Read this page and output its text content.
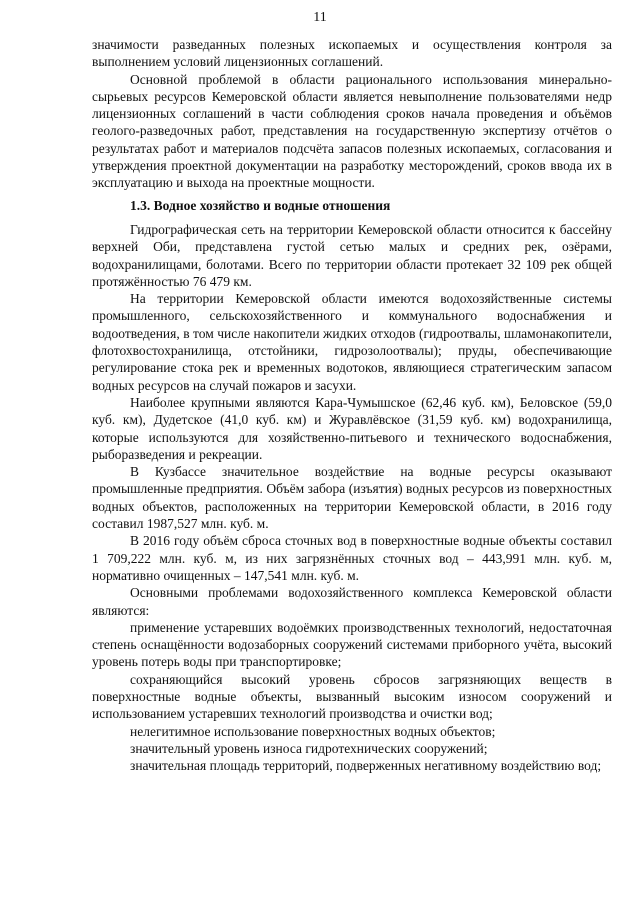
11

значимости разведанных полезных ископаемых и осуществления контроля за выполнением условий лицензионных соглашений.

Основной проблемой в области рационального использования минерально-сырьевых ресурсов Кемеровской области является невыполнение пользователями недр лицензионных соглашений в части соблюдения сроков начала проведения и объёмов геолого-разведочных работ, представления на государственную экспертизу отчётов о результатах работ и материалов подсчёта запасов полезных ископаемых, согласования и утверждения проектной документации на разработку месторождений, сроков ввода их в эксплуатацию и выхода на проектные мощности.

1.3. Водное хозяйство и водные отношения

Гидрографическая сеть на территории Кемеровской области относится к бассейну верхней Оби, представлена густой сетью малых и средних рек, озёрами, водохранилищами, болотами. Всего по территории области протекает 32 109 рек общей протяжённостью 76 479 км.

На территории Кемеровской области имеются водохозяйственные системы промышленного, сельскохозяйственного и коммунального водоснабжения и водоотведения, в том числе накопители жидких отходов (гидроотвалы, шламонакопители, флотохвостохранилища, отстойники, гидрозолоотвалы); пруды, обеспечивающие регулирование стока рек и временных водотоков, являющиеся стратегическим запасом водных ресурсов на случай пожаров и засухи.

Наиболее крупными являются Кара-Чумышское (62,46 куб. км), Беловское (59,0 куб. км), Дудетское (41,0 куб. км) и Журавлёвское (31,59 куб. км) водохранилища, которые используются для хозяйственно-питьевого и технического водоснабжения, рыборазведения и рекреации.

В Кузбассе значительное воздействие на водные ресурсы оказывают промышленные предприятия. Объём забора (изъятия) водных ресурсов из поверхностных водных объектов, расположенных на территории Кемеровской области, в 2016 году составил 1987,527 млн. куб. м.

В 2016 году объём сброса сточных вод в поверхностные водные объекты составил 1 709,222 млн. куб. м, из них загрязнённых сточных вод – 443,991 млн. куб. м, нормативно очищенных – 147,541 млн. куб. м.

Основными проблемами водохозяйственного комплекса Кемеровской области являются:

применение устаревших водоёмких производственных технологий, недостаточная степень оснащённости водозаборных сооружений системами приборного учёта, высокий уровень потерь воды при транспортировке;

сохраняющийся высокий уровень сбросов загрязняющих веществ в поверхностные водные объекты, вызванный высоким износом сооружений и использованием устаревших технологий производства и очистки вод;

нелегитимное использование поверхностных водных объектов;

значительный уровень износа гидротехнических сооружений;

значительная площадь территорий, подверженных негативному воздействию вод;
